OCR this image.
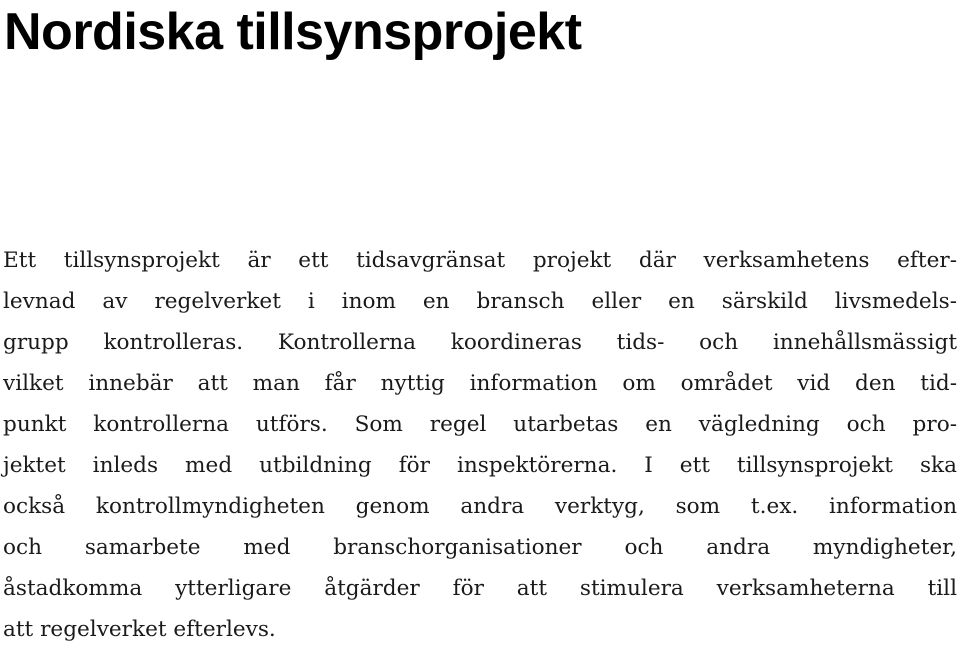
Nordiska tillsynsprojekt
Ett tillsynsprojekt är ett tidsavgränsat projekt där verksamhetens efter-
levnad av regelverket i inom en bransch eller en särskild livsmedels-
grupp kontrolleras. Kontrollerna koordineras tids- och innehållsmässigt
vilket innebär att man får nyttig information om området vid den tid-
punkt kontrollerna utförs. Som regel utarbetas en vägledning och pro-
jektet inleds med utbildning för inspektörerna. I ett tillsynsprojekt ska
också kontrollmyndigheten genom andra verktyg, som t.ex. information
och samarbete med branschorganisationer och andra myndigheter,
åstadkomma ytterligare åtgärder för att stimulera verksamheterna till
att regelverket efterlevs.
